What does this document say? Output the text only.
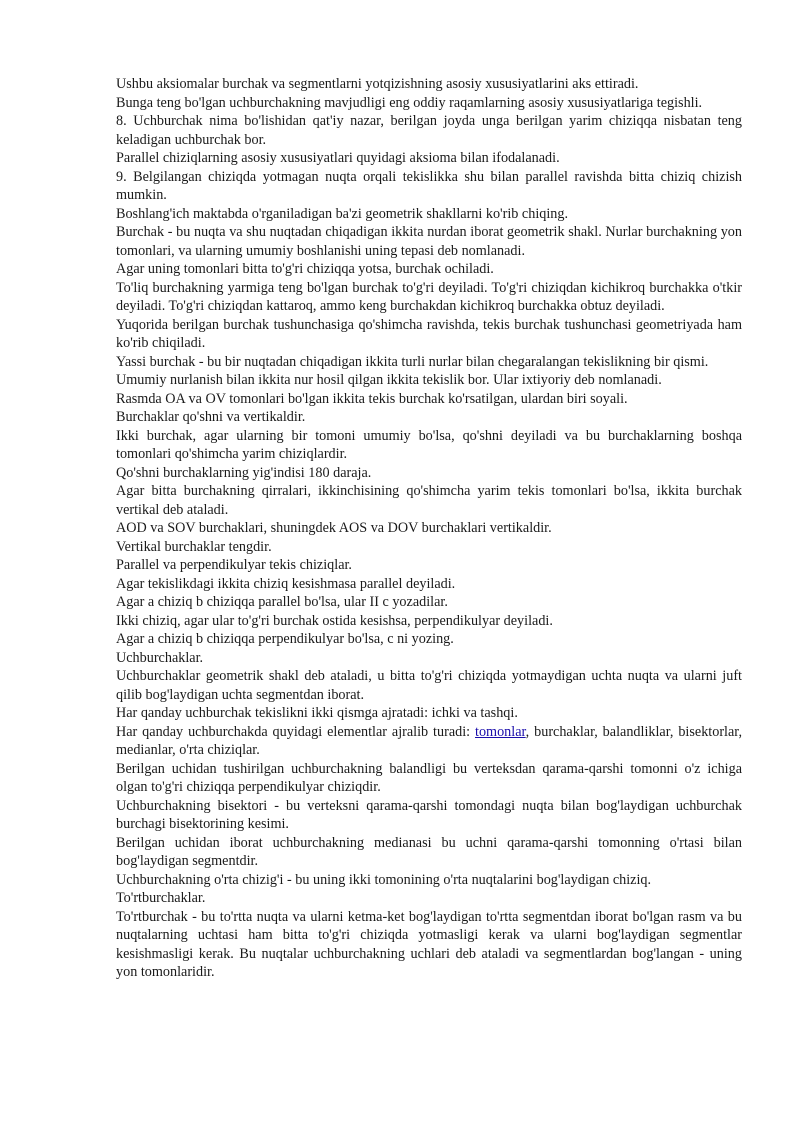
Ushbu aksiomalar burchak va segmentlarni yotqizishning asosiy xususiyatlarini aks ettiradi.

Bunga teng bo'lgan uchburchakning mavjudligi eng oddiy raqamlarning asosiy xususiyatlariga tegishli.

8. Uchburchak nima bo'lishidan qat'iy nazar, berilgan joyda unga berilgan yarim chiziqqa nisbatan teng keladigan uchburchak bor.

Parallel chiziqlarning asosiy xususiyatlari quyidagi aksioma bilan ifodalanadi.

9. Belgilangan chiziqda yotmagan nuqta orqali tekislikka shu bilan parallel ravishda bitta chiziq chizish mumkin.

Boshlang'ich maktabda o'rganiladigan ba'zi geometrik shakllarni ko'rib chiqing.

Burchak - bu nuqta va shu nuqtadan chiqadigan ikkita nurdan iborat geometrik shakl. Nurlar burchakning yon tomonlari, va ularning umumiy boshlanishi uning tepasi deb nomlanadi.

Agar uning tomonlari bitta to'g'ri chiziqqa yotsa, burchak ochiladi.

To'liq burchakning yarmiga teng bo'lgan burchak to'g'ri deyiladi. To'g'ri chiziqdan kichikroq burchakka o'tkir deyiladi. To'g'ri chiziqdan kattaroq, ammo keng burchakdan kichikroq burchakka obtuz deyiladi.

Yuqorida berilgan burchak tushunchasiga qo'shimcha ravishda, tekis burchak tushunchasi geometriyada ham ko'rib chiqiladi.

Yassi burchak - bu bir nuqtadan chiqadigan ikkita turli nurlar bilan chegaralangan tekislikning bir qismi.

Umumiy nurlanish bilan ikkita nur hosil qilgan ikkita tekislik bor. Ular ixtiyoriy deb nomlanadi.

Rasmda OA va OV tomonlari bo'lgan ikkita tekis burchak ko'rsatilgan, ulardan biri soyali.

Burchaklar qo'shni va vertikaldir.

Ikki burchak, agar ularning bir tomoni umumiy bo'lsa, qo'shni deyiladi va bu burchaklarning boshqa tomonlari qo'shimcha yarim chiziqlardir.

Qo'shni burchaklarning yig'indisi 180 daraja.

Agar bitta burchakning qirralari, ikkinchisining qo'shimcha yarim tekis tomonlari bo'lsa, ikkita burchak vertikal deb ataladi.

AOD va SOV burchaklari, shuningdek AOS va DOV burchaklari vertikaldir.

Vertikal burchaklar tengdir.

Parallel va perpendikulyar tekis chiziqlar.

Agar tekislikdagi ikkita chiziq kesishmasa parallel deyiladi.

Agar a chiziq b chiziqqa parallel bo'lsa, ular II c yozadilar.

Ikki chiziq, agar ular to'g'ri burchak ostida kesishsa, perpendikulyar deyiladi.

Agar a chiziq b chiziqqa perpendikulyar bo'lsa, c ni yozing.

Uchburchaklar.

Uchburchaklar geometrik shakl deb ataladi, u bitta to'g'ri chiziqda yotmaydigan uchta nuqta va ularni juft qilib bog'laydigan uchta segmentdan iborat.

Har qanday uchburchak tekislikni ikki qismga ajratadi: ichki va tashqi.

Har qanday uchburchakda quyidagi elementlar ajralib turadi: tomonlar, burchaklar, balandliklar, bisektorlar, medianlar, o'rta chiziqlar.

Berilgan uchidan tushirilgan uchburchakning balandligi bu verteksdan qarama-qarshi tomonni o'z ichiga olgan to'g'ri chiziqqa perpendikulyar chiziqdir.

Uchburchakning bisektori - bu verteksni qarama-qarshi tomondagi nuqta bilan bog'laydigan uchburchak burchagi bisektorining kesimi.

Berilgan uchidan iborat uchburchakning medianasi bu uchni qarama-qarshi tomonning o'rtasi bilan bog'laydigan segmentdir.

Uchburchakning o'rta chizig'i - bu uning ikki tomonining o'rta nuqtalarini bog'laydigan chiziq.

To'rtburchaklar.

To'rtburchak - bu to'rtta nuqta va ularni ketma-ket bog'laydigan to'rtta segmentdan iborat bo'lgan rasm va bu nuqtalarning uchtasi ham bitta to'g'ri chiziqda yotmasligi kerak va ularni bog'laydigan segmentlar kesishmasligi kerak. Bu nuqtalar uchburchakning uchlari deb ataladi va segmentlardan bog'langan - uning yon tomonlaridir.
